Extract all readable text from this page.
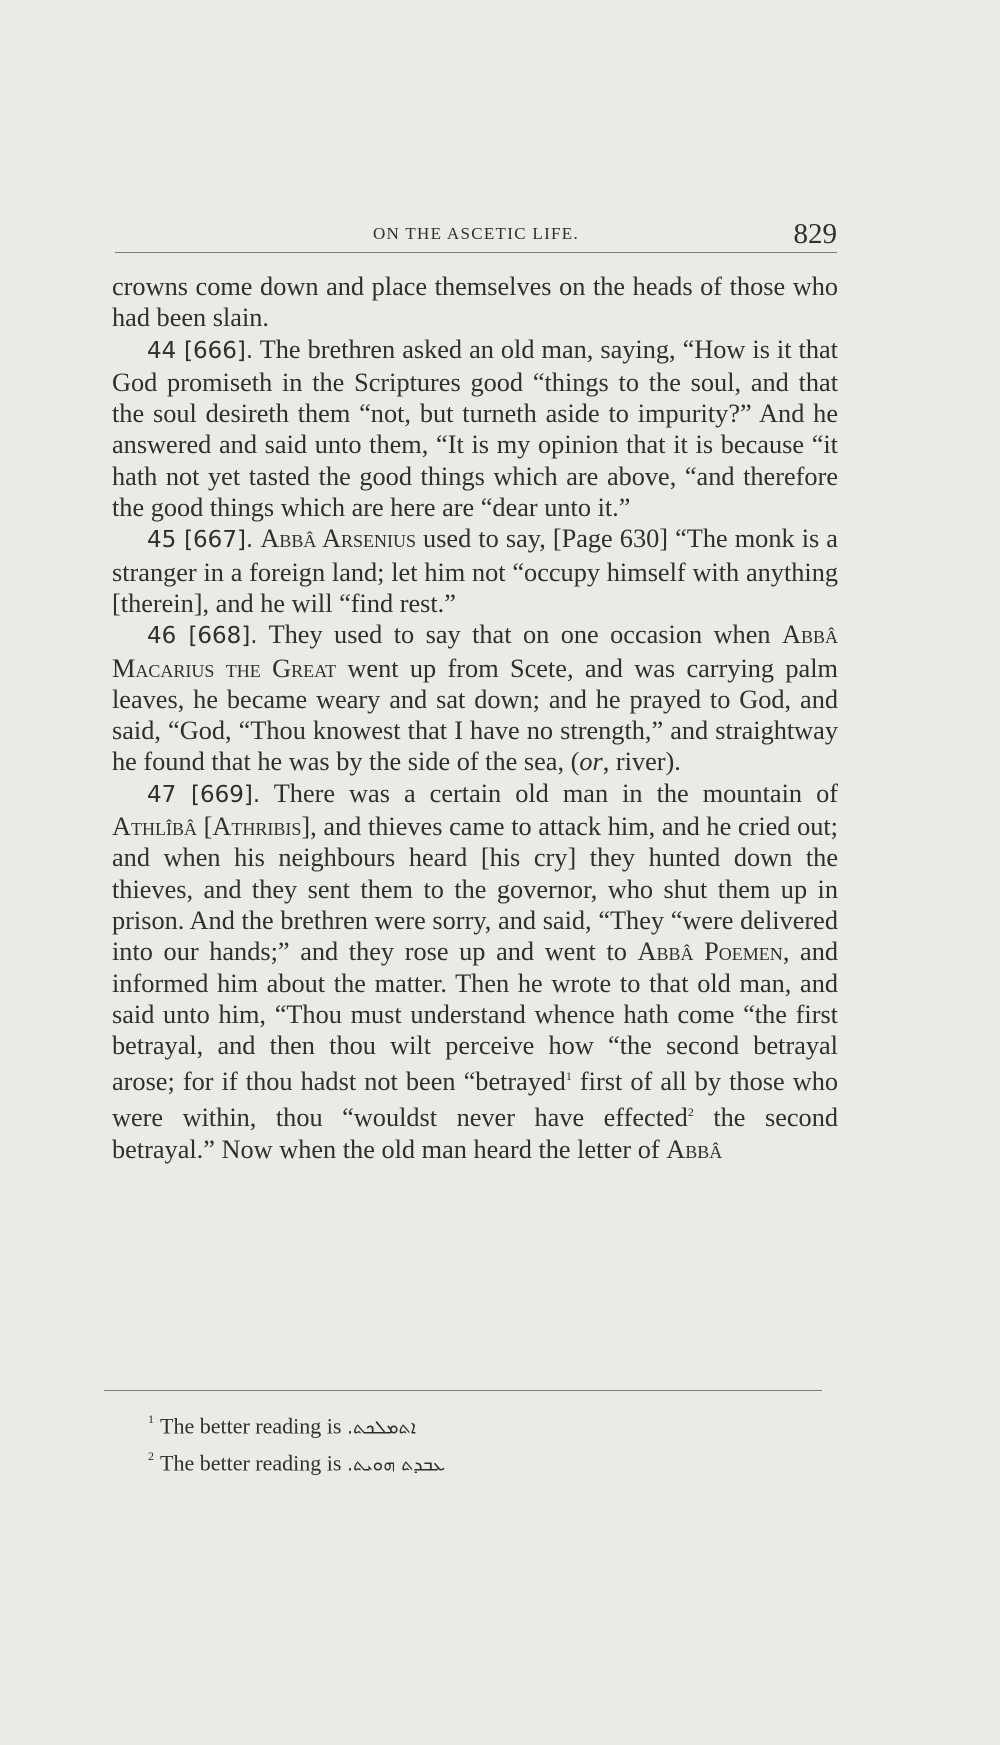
ON THE ASCETIC LIFE.	829

crowns come down and place themselves on the heads of those who had been slain.

44 [666]. The brethren asked an old man, saying, “How is it that God promiseth in the Scriptures good “things to the soul, and that the soul desireth them “not, but turneth aside to impurity?” And he answered and said unto them, “It is my opinion that it is because “it hath not yet tasted the good things which are above, “and therefore the good things which are here are “dear unto it.”

45 [667]. Abbâ Arsenius used to say, [Page 630] “The monk is a stranger in a foreign land; let him not “occupy himself with anything [therein], and he will “find rest.”

46 [668]. They used to say that on one occasion when Abbâ Macarius the Great went up from Scete, and was carrying palm leaves, he became weary and sat down; and he prayed to God, and said, “God, “Thou knowest that I have no strength,” and straightway he found that he was by the side of the sea, (or, river).

47 [669]. There was a certain old man in the mountain of Athlîbâ [Athribis], and thieves came to attack him, and he cried out; and when his neighbours heard [his cry] they hunted down the thieves, and they sent them to the governor, who shut them up in prison. And the brethren were sorry, and said, “They “were delivered into our hands;” and they rose up and went to Abbâ Poemen, and informed him about the matter. Then he wrote to that old man, and said unto him, “Thou must understand whence hath come “the first betrayal, and then thou wilt perceive how “the second betrayal arose; for if thou hadst not been “betrayed$^1$ first of all by those who were within, thou “wouldst never have effected$^2$ the second betrayal.” Now when the old man heard the letter of Abbâ

$^1$ The better reading is ܐܬܡܠܟܬ.
$^2$ The better reading is ܥܒܕܬ ܗܘܝܬ.
